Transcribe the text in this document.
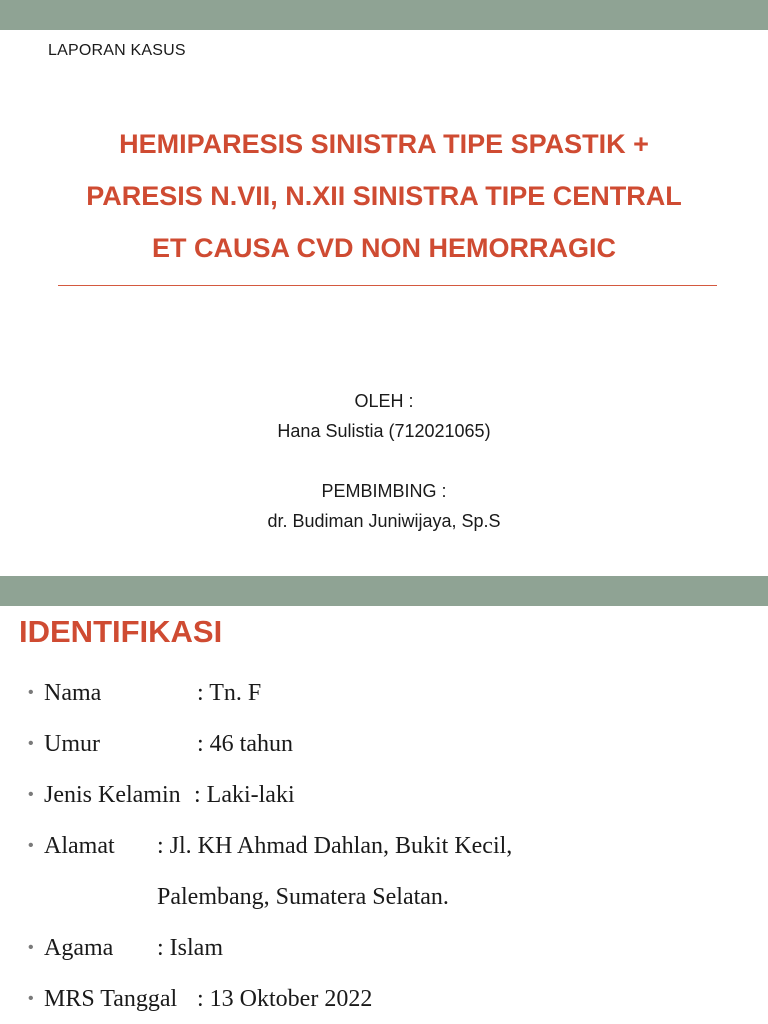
LAPORAN KASUS
HEMIPARESIS SINISTRA TIPE SPASTIK +
PARESIS N.VII, N.XII SINISTRA TIPE CENTRAL
ET CAUSA CVD NON HEMORRAGIC
OLEH :
Hana Sulistia (712021065)
PEMBIMBING :
dr. Budiman Juniwijaya, Sp.S
IDENTIFIKASI
• Nama	: Tn. F
• Umur	: 46 tahun
• Jenis Kelamin : Laki-laki
• Alamat : Jl. KH Ahmad Dahlan, Bukit Kecil,
Palembang, Sumatera Selatan.
• Agama : Islam
• MRS Tanggal : 13 Oktober 2022
